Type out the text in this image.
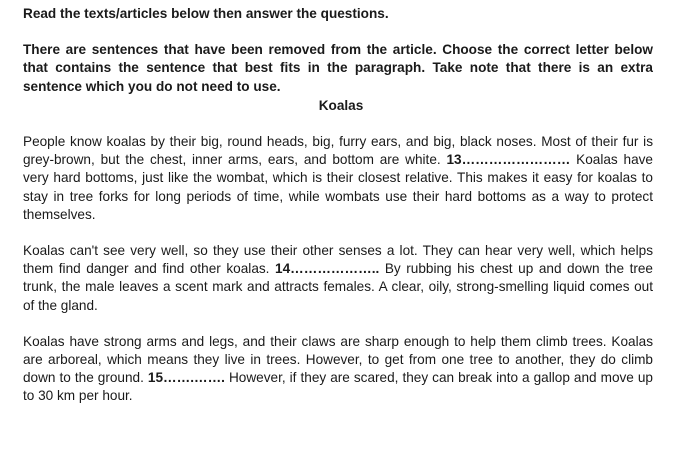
Read the texts/articles below then answer the questions.

There are sentences that have been removed from the article. Choose the correct letter below that contains the sentence that best fits in the paragraph. Take note that there is an extra sentence which you do not need to use.

Koalas

People know koalas by their big, round heads, big, furry ears, and big, black noses. Most of their fur is grey-brown, but the chest, inner arms, ears, and bottom are white. 13…………………… Koalas have very hard bottoms, just like the wombat, which is their closest relative. This makes it easy for koalas to stay in tree forks for long periods of time, while wombats use their hard bottoms as a way to protect themselves.

Koalas can't see very well, so they use their other senses a lot. They can hear very well, which helps them find danger and find other koalas. 14……………….. By rubbing his chest up and down the tree trunk, the male leaves a scent mark and attracts females. A clear, oily, strong-smelling liquid comes out of the gland.

Koalas have strong arms and legs, and their claws are sharp enough to help them climb trees. Koalas are arboreal, which means they live in trees. However, to get from one tree to another, they do climb down to the ground. 15…….……. However, if they are scared, they can break into a gallop and move up to 30 km per hour.
